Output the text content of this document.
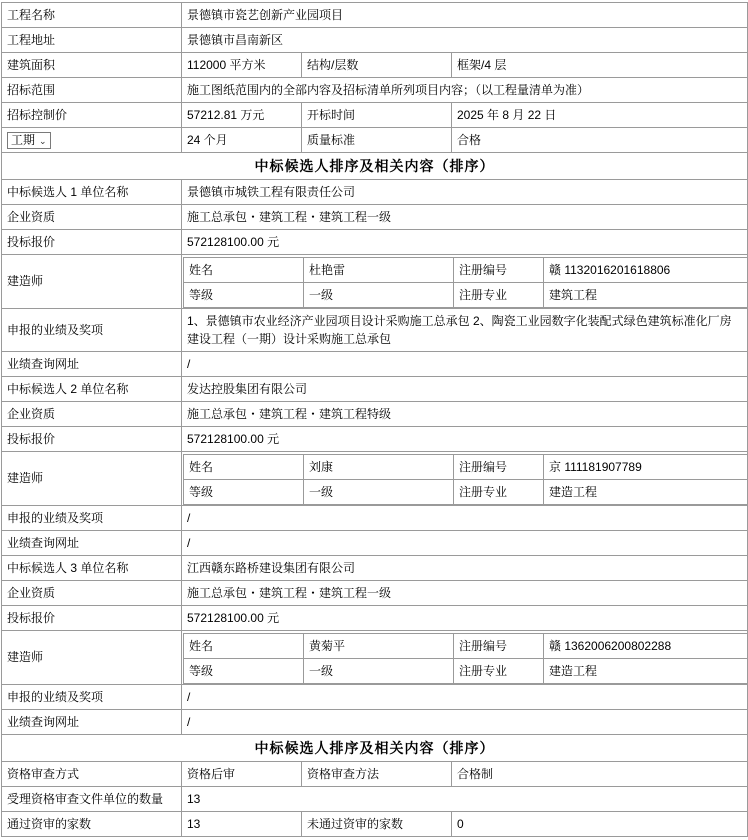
工程名称	景德镇市瓷艺创新产业园项目
工程地址	景德镇市昌南新区
建筑面积	112000 平方米	结构/层数	框架/4 层
招标范围	施工图纸范围内的全部内容及招标清单所列项目内容；（以工程量清单为准）
招标控制价	57212.81 万元	开标时间	2025 年 8 月 22 日
工期 ⌄	24 个月	质量标准	合格
中标候选人排序及相关内容（排序）
中标候选人 1 单位名称	景德镇市城铁工程有限责任公司
企业资质	施工总承包・建筑工程・建筑工程一级
投标报价	572128100.00 元
建造师	
姓名	杜艳雷	注册编号	赣 1132016201618806
等级	一级	注册专业	建筑工程

申报的业绩及奖项	1、景德镇市农业经济产业园项目设计采购施工总承包 2、陶瓷工业园数字化装配式绿色建筑标准化厂房建设工程（一期）设计采购施工总承包
业绩查询网址	/
中标候选人 2 单位名称	发达控股集团有限公司
企业资质	施工总承包・建筑工程・建筑工程特级
投标报价	572128100.00 元
建造师	
姓名	刘康	注册编号	京 111181907789
等级	一级	注册专业	建造工程

申报的业绩及奖项	/
业绩查询网址	/
中标候选人 3 单位名称	江西赣东路桥建设集团有限公司
企业资质	施工总承包・建筑工程・建筑工程一级
投标报价	572128100.00 元
建造师	
姓名	黄菊平	注册编号	赣 1362006200802288
等级	一级	注册专业	建造工程

申报的业绩及奖项	/
业绩查询网址	/
中标候选人排序及相关内容（排序）
资格审查方式	资格后审	资格审查方法	合格制
受理资格审查文件单位的数量	13
通过资审的家数	13	未通过资审的家数	0
